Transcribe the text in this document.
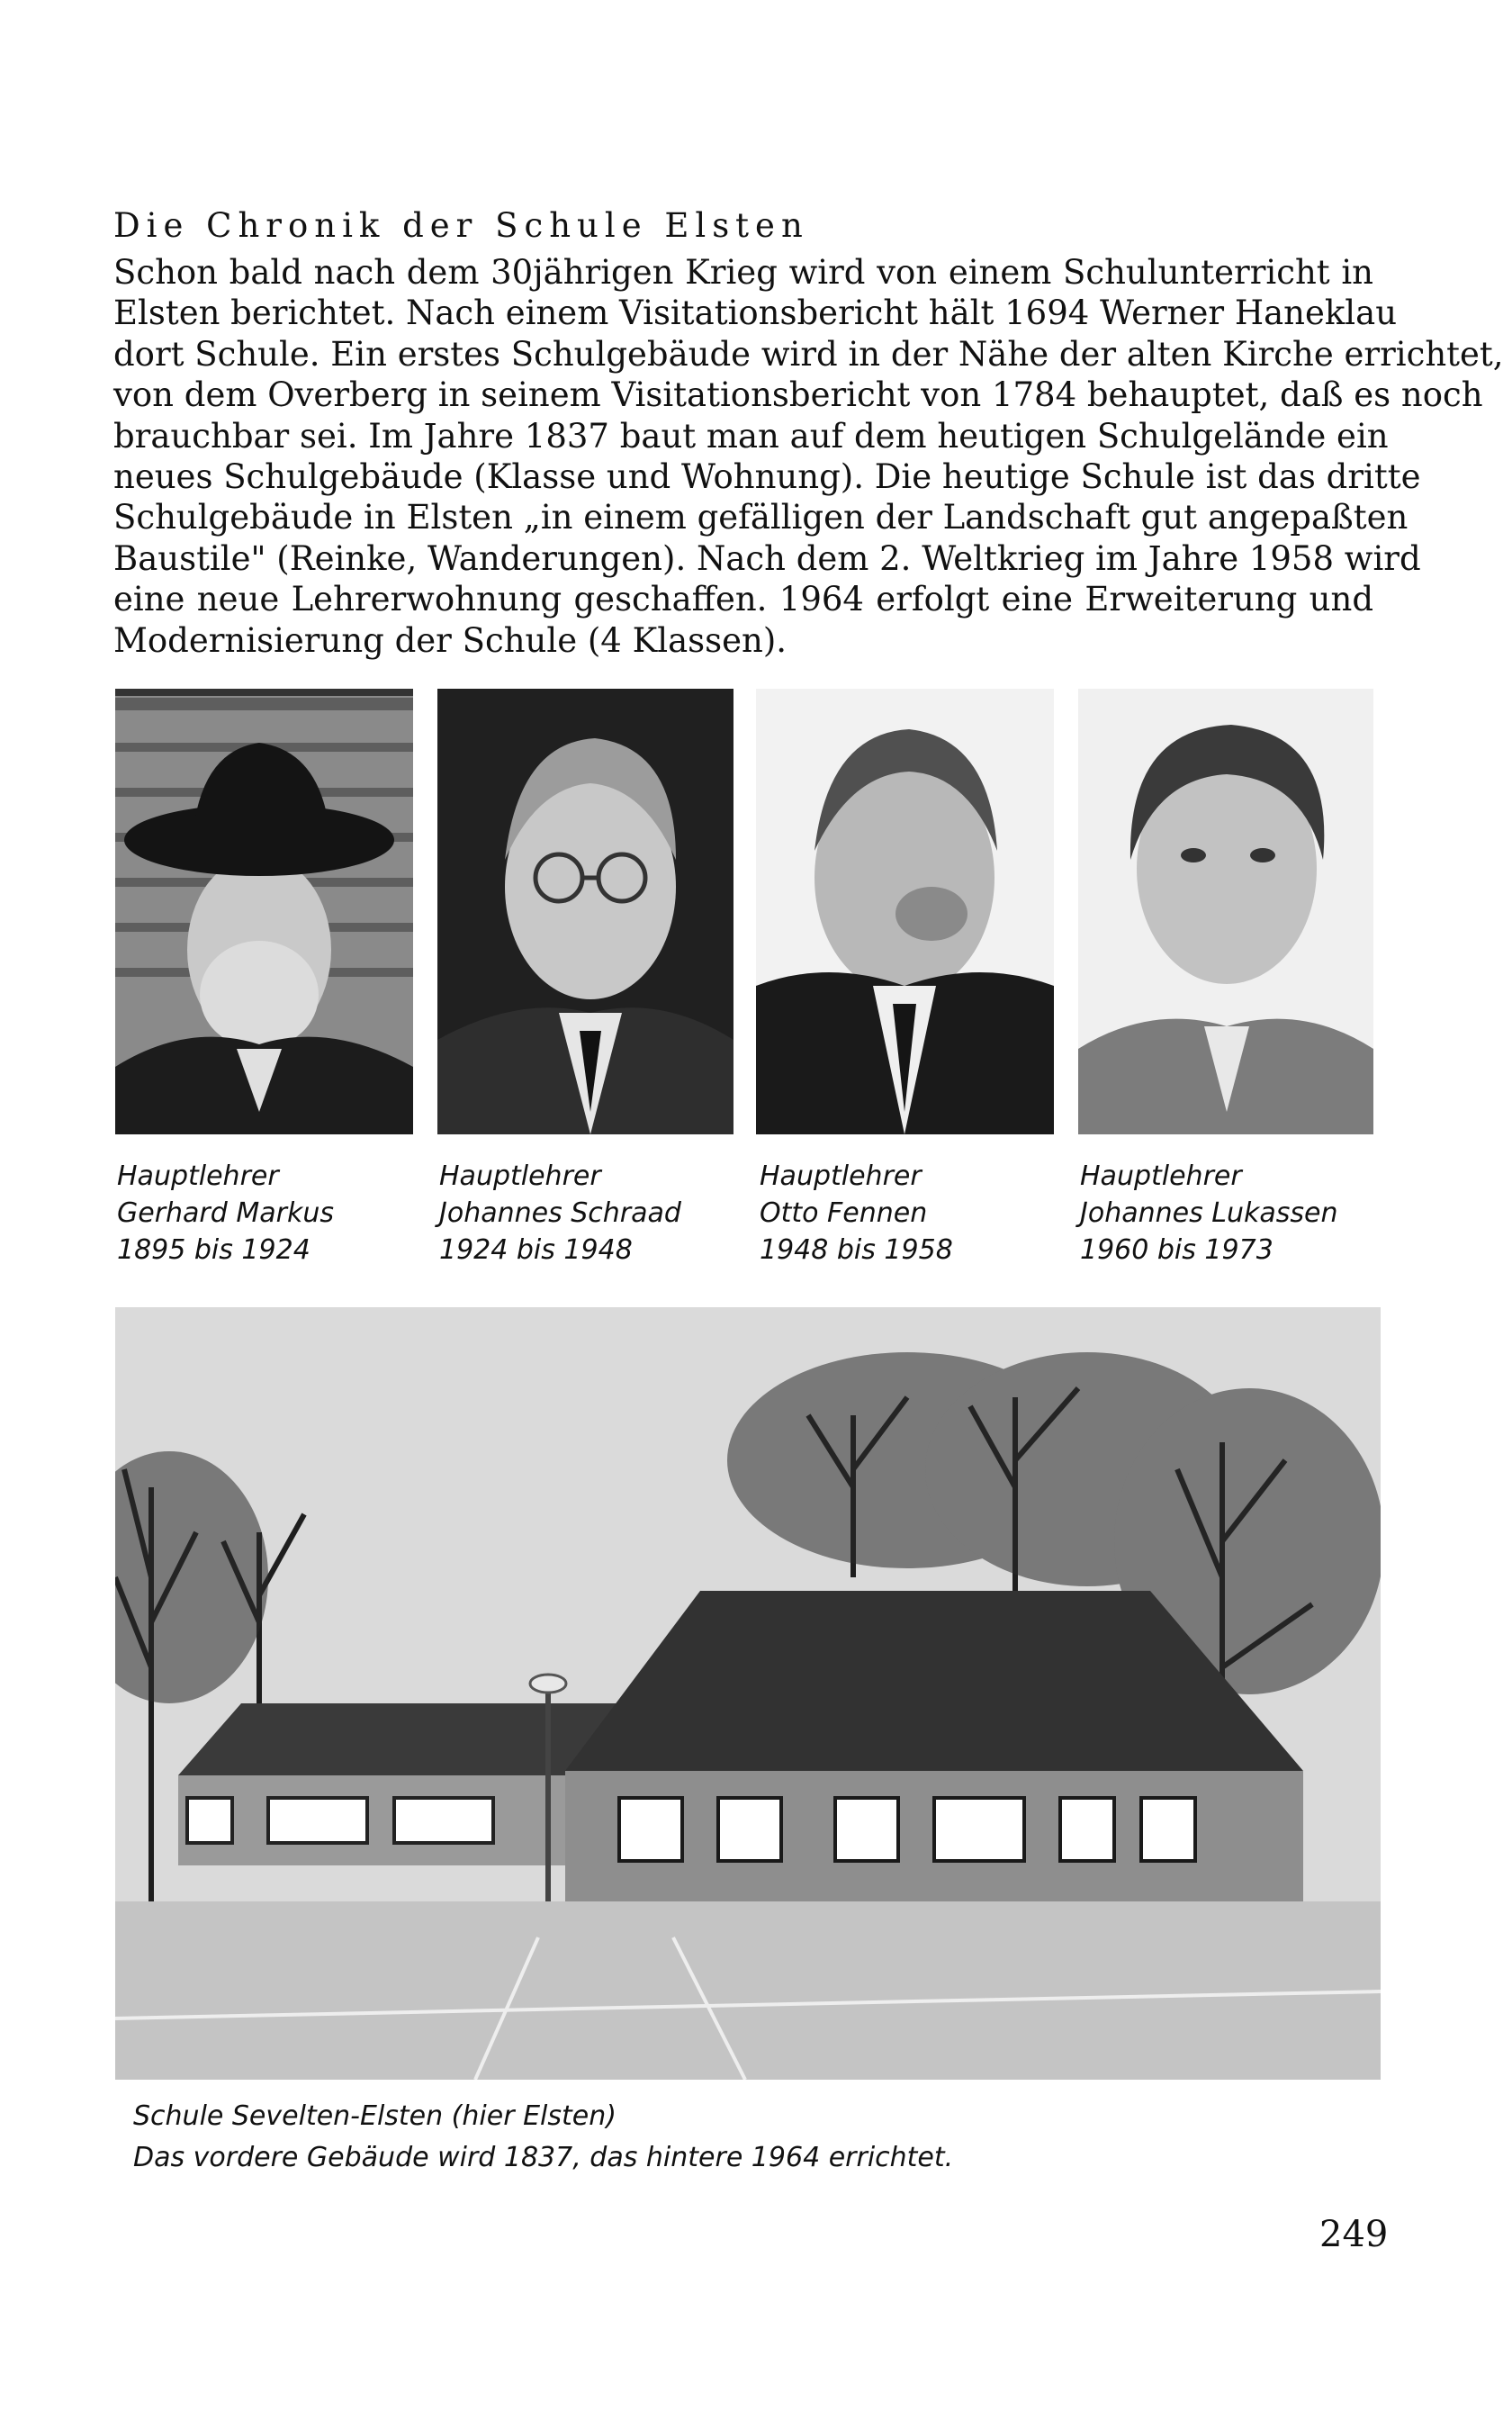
Die Chronik der Schule Elsten
Schon bald nach dem 30jährigen Krieg wird von einem Schulunterricht in
Elsten berichtet. Nach einem Visitationsbericht hält 1694 Werner Haneklau
dort Schule. Ein erstes Schulgebäude wird in der Nähe der alten Kirche errichtet,
von dem Overberg in seinem Visitationsbericht von 1784 behauptet, daß es noch
brauchbar sei. Im Jahre 1837 baut man auf dem heutigen Schulgelände ein
neues Schulgebäude (Klasse und Wohnung). Die heutige Schule ist das dritte
Schulgebäude in Elsten „in einem gefälligen der Landschaft gut angepaßten
Baustile" (Reinke, Wanderungen). Nach dem 2. Weltkrieg im Jahre 1958 wird
eine neue Lehrerwohnung geschaffen. 1964 erfolgt eine Erweiterung und
Modernisierung der Schule (4 Klassen).
Hauptlehrer
Gerhard Markus
1895 bis 1924
Hauptlehrer
Johannes Schraad
1924 bis 1948
Hauptlehrer
Otto Fennen
1948 bis 1958
Hauptlehrer
Johannes Lukassen
1960 bis 1973
Schule Sevelten-Elsten (hier Elsten)
Das vordere Gebäude wird 1837, das hintere 1964 errichtet.
249
